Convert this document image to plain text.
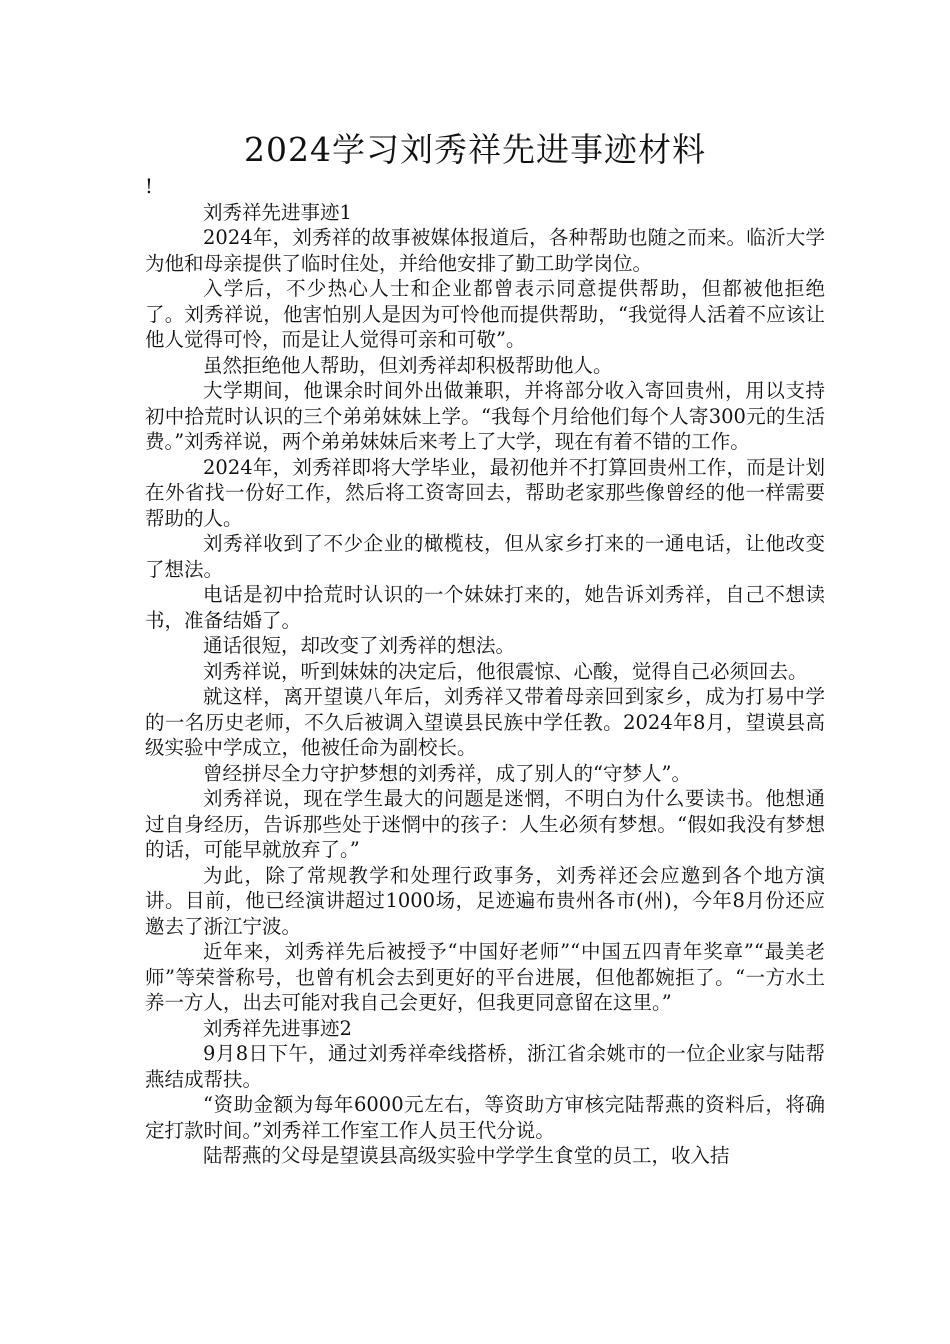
2024学习刘秀祥先进事迹材料

!

刘秀祥先进事迹1

2024年，刘秀祥的故事被媒体报道后，各种帮助也随之而来。临沂大学为他和母亲提供了临时住处，并给他安排了勤工助学岗位。

入学后，不少热心人士和企业都曾表示同意提供帮助，但都被他拒绝了。刘秀祥说，他害怕别人是因为可怜他而提供帮助，“我觉得人活着不应该让他人觉得可怜，而是让人觉得可亲和可敬”。

虽然拒绝他人帮助，但刘秀祥却积极帮助他人。

大学期间，他课余时间外出做兼职，并将部分收入寄回贵州，用以支持初中拾荒时认识的三个弟弟妹妹上学。“我每个月给他们每个人寄300元的生活费。”刘秀祥说，两个弟弟妹妹后来考上了大学，现在有着不错的工作。

2024年，刘秀祥即将大学毕业，最初他并不打算回贵州工作，而是计划在外省找一份好工作，然后将工资寄回去，帮助老家那些像曾经的他一样需要帮助的人。

刘秀祥收到了不少企业的橄榄枝，但从家乡打来的一通电话，让他改变了想法。

电话是初中拾荒时认识的一个妹妹打来的，她告诉刘秀祥，自己不想读书，准备结婚了。

通话很短，却改变了刘秀祥的想法。

刘秀祥说，听到妹妹的决定后，他很震惊、心酸，觉得自己必须回去。

就这样，离开望谟八年后，刘秀祥又带着母亲回到家乡，成为打易中学的一名历史老师，不久后被调入望谟县民族中学任教。2024年8月，望谟县高级实验中学成立，他被任命为副校长。

曾经拼尽全力守护梦想的刘秀祥，成了别人的“守梦人”。

刘秀祥说，现在学生最大的问题是迷惘，不明白为什么要读书。他想通过自身经历，告诉那些处于迷惘中的孩子：人生必须有梦想。“假如我没有梦想的话，可能早就放弃了。”

为此，除了常规教学和处理行政事务，刘秀祥还会应邀到各个地方演讲。目前，他已经演讲超过1000场，足迹遍布贵州各市(州)，今年8月份还应邀去了浙江宁波。

近年来，刘秀祥先后被授予“中国好老师”“中国五四青年奖章”“最美老师”等荣誉称号，也曾有机会去到更好的平台进展，但他都婉拒了。“一方水土养一方人，出去可能对我自己会更好，但我更同意留在这里。”

刘秀祥先进事迹2

9月8日下午，通过刘秀祥牵线搭桥，浙江省余姚市的一位企业家与陆帮燕结成帮扶。

“资助金额为每年6000元左右，等资助方审核完陆帮燕的资料后，将确定打款时间。”刘秀祥工作室工作人员王代分说。

陆帮燕的父母是望谟县高级实验中学学生食堂的员工，收入拮
